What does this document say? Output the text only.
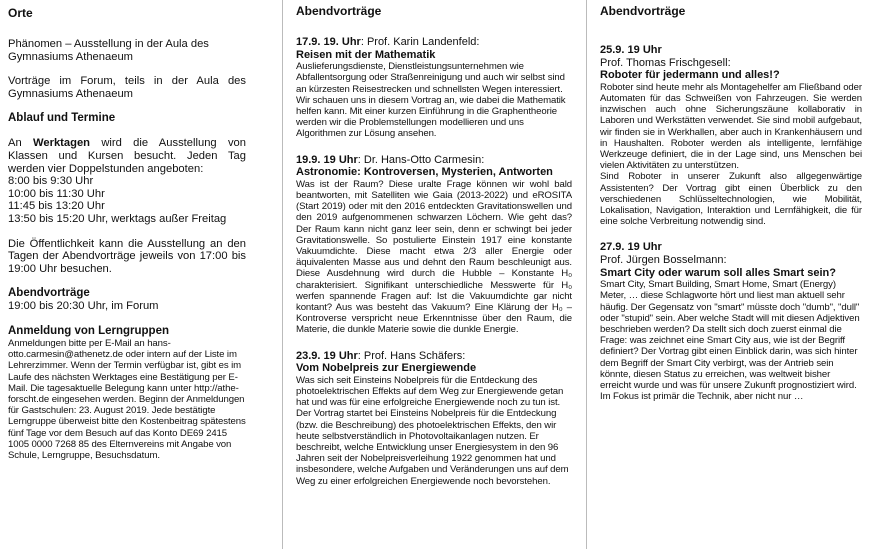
Orte

Phänomen – Ausstellung in der Aula des Gymnasiums Athenaeum

Vorträge im Forum, teils in der Aula des Gymnasiums Athenaeum

Ablauf und Termine

An Werktagen wird die Ausstellung von Klassen und Kursen besucht. Jeden Tag werden vier Doppelstunden angeboten:

8:00 bis 9:30 Uhr

10:00 bis 11:30 Uhr

11:45 bis 13:20 Uhr

13:50 bis 15:20 Uhr, werktags außer Freitag

Die Öffentlichkeit kann die Ausstellung an den Tagen der Abendvorträge jeweils von 17:00 bis 19:00 Uhr besuchen.

Abendvorträge

19:00 bis 20:30 Uhr, im Forum

Anmeldung von Lerngruppen

Anmeldungen bitte per E-Mail an hans-otto.carmesin@athenetz.de oder intern auf der Liste im Lehrerzimmer. Wenn der Termin verfügbar ist, gibt es im Laufe des nächsten Werktages eine Bestätigung per E-Mail. Die tagesaktuelle Belegung kann unter http://athe-forscht.de eingesehen werden. Beginn der Anmeldungen für Gastschulen: 23. August 2019. Jede bestätigte Lerngruppe überweist bitte den Kostenbeitrag spätestens fünf Tage vor dem Besuch auf das Konto DE69 2415 1005 0000 7268 85 des Elternvereins mit Angabe von Schule, Lerngruppe, Besuchsdatum.

Abendvorträge

17.9. 19. Uhr: Prof. Karin Landenfeld:

Reisen mit der Mathematik

Auslieferungsdienste, Dienstleistungsunternehmen wie Abfallentsorgung oder Straßenreinigung und auch wir selbst sind an kürzesten Reisestrecken und schnellsten Wegen interessiert. Wir schauen uns in diesem Vortrag an, wie dabei die Mathematik helfen kann. Mit einer kurzen Einführung in die Graphentheorie werden wir die Problemstellungen modellieren und uns Algorithmen zur Lösung ansehen.

19.9. 19 Uhr: Dr. Hans-Otto Carmesin:

Astronomie: Kontroversen, Mysterien, Antworten

Was ist der Raum? Diese uralte Frage können wir wohl bald beantworten, mit Satelliten wie Gaia (2013-2022) und eROSITA (Start 2019) oder mit den 2016 entdeckten Gravitationswellen und den 2019 aufgenommenen schwarzen Löchern. Wie geht das? Der Raum kann nicht ganz leer sein, denn er schwingt bei jeder Gravitationswelle. So postulierte Einstein 1917 eine konstante Vakuumdichte. Diese macht etwa 2/3 aller Energie oder äquivalenten Masse aus und dehnt den Raum beschleunigt aus. Diese Ausdehnung wird durch die Hubble – Konstante H₀ charakterisiert. Signifikant unterschiedliche Messwerte für H₀ werfen spannende Fragen auf: Ist die Vakuumdichte gar nicht kontant? Aus was besteht das Vakuum? Eine Klärung der H₀ – Kontroverse verspricht neue Erkenntnisse über den Raum, die Materie, die dunkle Materie sowie die dunkle Energie.

23.9. 19 Uhr: Prof. Hans Schäfers:

Vom Nobelpreis zur Energiewende

Was sich seit Einsteins Nobelpreis für die Entdeckung des photoelektrischen Effekts auf dem Weg zur Energiewende getan hat und was für eine erfolgreiche Energiewende noch zu tun ist. Der Vortrag startet bei Einsteins Nobelpreis für die Entdeckung (bzw. die Beschreibung) des photoelektrischen Effekts, den wir heute selbstverständlich in Photovoltaikanlagen nutzen. Er beschreibt, welche Entwicklung unser Energiesystem in den 96 Jahren seit der Nobelpreisverleihung 1922 genommen hat und insbesondere, welche Aufgaben und Veränderungen uns auf dem Weg zu einer erfolgreichen Energiewende noch bevorstehen.

Abendvorträge

25.9. 19 Uhr

Prof. Thomas Frischgesell:

Roboter für jedermann und alles!?

Roboter sind heute mehr als Montagehelfer am Fließband oder Automaten für das Schweißen von Fahrzeugen. Sie werden inzwischen auch ohne Sicherungszäune kollaborativ in Laboren und Werkstätten verwendet. Sie sind mobil aufgebaut, wir finden sie in Werkhallen, aber auch in Krankenhäusern und in Haushalten. Roboter werden als intelligente, lernfähige Werkzeuge definiert, die in der Lage sind, uns Menschen bei vielen Aktivitäten zu unterstützen.

Sind Roboter in unserer Zukunft also allgegenwärtige Assistenten? Der Vortrag gibt einen Überblick zu den verschiedenen Schlüsseltechnologien, wie Mobilität, Lokalisation, Navigation, Interaktion und Lernfähigkeit, die für eine solche Verbreitung notwendig sind.

27.9. 19 Uhr

Prof. Jürgen Bosselmann:

Smart City oder warum soll alles Smart sein?

Smart City, Smart Building, Smart Home, Smart (Energy) Meter, … diese Schlagworte hört und liest man aktuell sehr häufig. Der Gegensatz von "smart" müsste doch "dumb", "dull" oder "stupid" sein. Aber welche Stadt will mit diesen Adjektiven beschrieben werden? Da stellt sich doch zuerst einmal die Frage: was zeichnet eine Smart City aus, wie ist der Begriff definiert? Der Vortrag gibt einen Einblick darin, was sich hinter dem Begriff der Smart City verbirgt, was der Antrieb sein könnte, diesen Status zu erreichen, was weltweit bisher erreicht wurde und was für unsere Zukunft prognostiziert wird. Im Fokus ist primär die Technik, aber nicht nur …
